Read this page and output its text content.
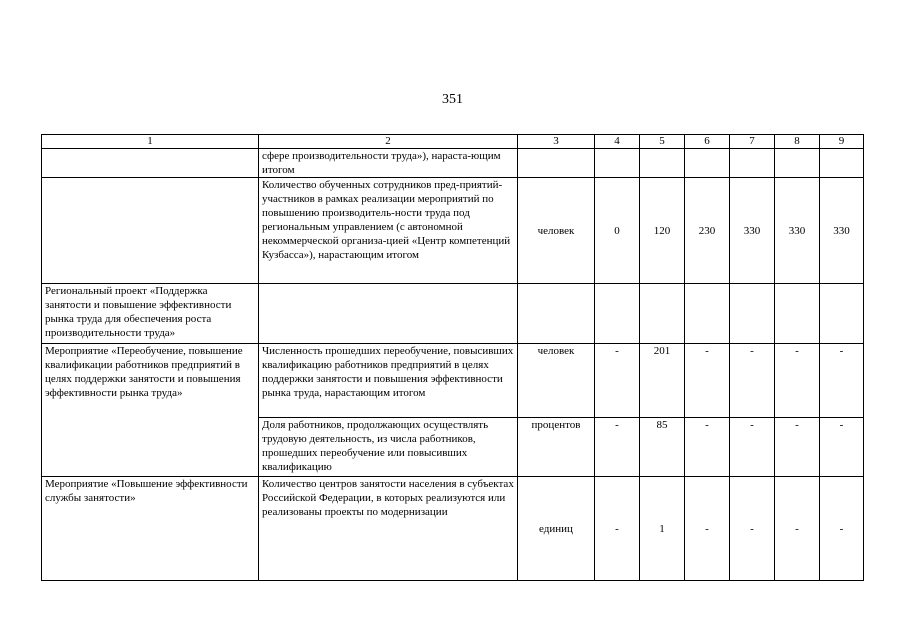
351
1	2	3	4	5	6	7	8	9
	сфере производительности труда»), нараста-ющим итогом							
	Количество обученных сотрудников пред-приятий-участников в рамках реализации мероприятий по повышению производитель-ности труда под региональным управлением (с автономной некоммерческой организа-цией «Центр компетенций Кузбасса»), нарастающим итогом	человек	0	120	230	330	330	330
Региональный проект «Поддержка занятости и повышение эффективности рынка труда для обеспечения роста производительности труда»								
Мероприятие «Переобучение, повышение квалификации работников предприятий в целях поддержки занятости и повышения эффективности рынка труда»	Численность прошедших переобучение, повысивших квалификацию работников предприятий в целях поддержки занятости и повышения эффективности рынка труда, нарастающим итогом	человек	-	201	-	-	-	-
	Доля работников, продолжающих осуществлять трудовую деятельность, из числа работников, прошедших переобучение или повысивших квалификацию	процентов	-	85	-	-	-	-
Мероприятие «Повышение эффективности службы занятости»	Количество центров занятости населения в субъектах Российской Федерации, в которых реализуются или реализованы проекты по модернизации	единиц	-	1	-	-	-	-
